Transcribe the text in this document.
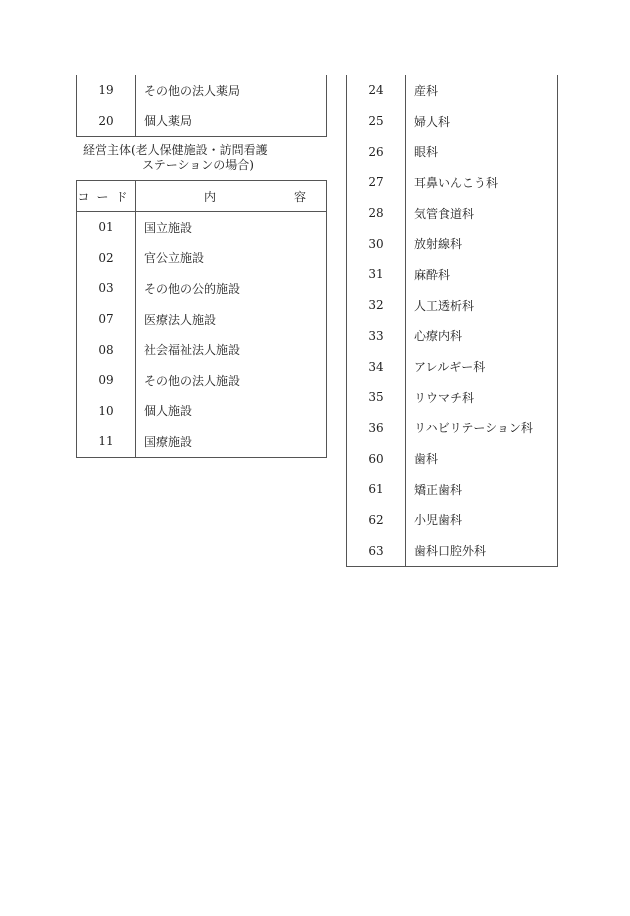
19	その他の法人薬局
20	個人薬局
経営主体(老人保健施設・訪問看護
ステーションの場合)
コード	内 容
01	国立施設
02	官公立施設
03	その他の公的施設
07	医療法人施設
08	社会福祉法人施設
09	その他の法人施設
10	個人施設
11	国療施設
24	産科
25	婦人科
26	眼科
27	耳鼻いんこう科
28	気管食道科
30	放射線科
31	麻酔科
32	人工透析科
33	心療内科
34	アレルギー科
35	リウマチ科
36	リハビリテーション科
60	歯科
61	矯正歯科
62	小児歯科
63	歯科口腔外科
